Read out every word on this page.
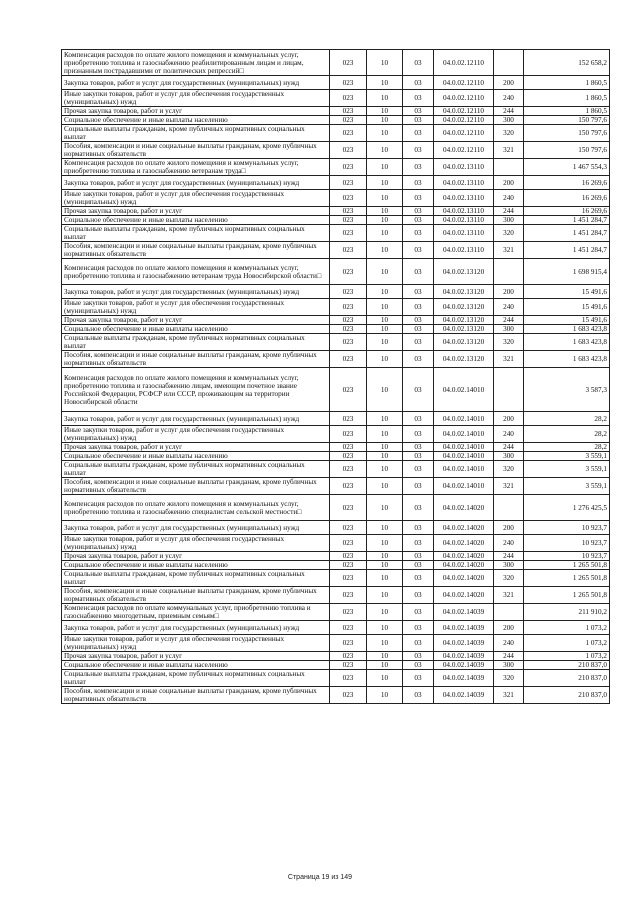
Компенсация расходов по оплате жилого помещения и коммунальных услуг, приобретению топлива и газоснабжению реабилитированным лицам и лицам, признанным пострадавшими от политических репрессий□	023	10	03	04.0.02.12110		152 658,2
Закупка товаров, работ и услуг для государственных (муниципальных) нужд	023	10	03	04.0.02.12110	200	1 860,5
Иные закупки товаров, работ и услуг для обеспечения государственных (муниципальных) нужд	023	10	03	04.0.02.12110	240	1 860,5
Прочая закупка товаров, работ и услуг	023	10	03	04.0.02.12110	244	1 860,5
Социальное обеспечение и иные выплаты населению	023	10	03	04.0.02.12110	300	150 797,6
Социальные выплаты гражданам, кроме публичных нормативных социальных выплат	023	10	03	04.0.02.12110	320	150 797,6
Пособия, компенсации и иные социальные выплаты гражданам, кроме публичных нормативных обязательств	023	10	03	04.0.02.12110	321	150 797,6
Компенсация расходов по оплате жилого помещения и коммунальных услуг, приобретению топлива и газоснабжению ветеранам труда□	023	10	03	04.0.02.13110		1 467 554,3
Закупка товаров, работ и услуг для государственных (муниципальных) нужд	023	10	03	04.0.02.13110	200	16 269,6
Иные закупки товаров, работ и услуг для обеспечения государственных (муниципальных) нужд	023	10	03	04.0.02.13110	240	16 269,6
Прочая закупка товаров, работ и услуг	023	10	03	04.0.02.13110	244	16 269,6
Социальное обеспечение и иные выплаты населению	023	10	03	04.0.02.13110	300	1 451 284,7
Социальные выплаты гражданам, кроме публичных нормативных социальных выплат	023	10	03	04.0.02.13110	320	1 451 284,7
Пособия, компенсации и иные социальные выплаты гражданам, кроме публичных нормативных обязательств	023	10	03	04.0.02.13110	321	1 451 284,7
Компенсация расходов по оплате жилого помещения и коммунальных услуг, приобретению топлива и газоснабжению ветеранам труда Новосибирской области□	023	10	03	04.0.02.13120		1 698 915,4
Закупка товаров, работ и услуг для государственных (муниципальных) нужд	023	10	03	04.0.02.13120	200	15 491,6
Иные закупки товаров, работ и услуг для обеспечения государственных (муниципальных) нужд	023	10	03	04.0.02.13120	240	15 491,6
Прочая закупка товаров, работ и услуг	023	10	03	04.0.02.13120	244	15 491,6
Социальное обеспечение и иные выплаты населению	023	10	03	04.0.02.13120	300	1 683 423,8
Социальные выплаты гражданам, кроме публичных нормативных социальных выплат	023	10	03	04.0.02.13120	320	1 683 423,8
Пособия, компенсации и иные социальные выплаты гражданам, кроме публичных нормативных обязательств	023	10	03	04.0.02.13120	321	1 683 423,8
Компенсация расходов по оплате жилого помещения и коммунальных услуг, приобретению топлива и газоснабжению лицам, имеющим почетное звание Российской Федерации, РСФСР или СССР, проживающим на территории Новосибирской области	023	10	03	04.0.02.14010		3 587,3
Закупка товаров, работ и услуг для государственных (муниципальных) нужд	023	10	03	04.0.02.14010	200	28,2
Иные закупки товаров, работ и услуг для обеспечения государственных (муниципальных) нужд	023	10	03	04.0.02.14010	240	28,2
Прочая закупка товаров, работ и услуг	023	10	03	04.0.02.14010	244	28,2
Социальное обеспечение и иные выплаты населению	023	10	03	04.0.02.14010	300	3 559,1
Социальные выплаты гражданам, кроме публичных нормативных социальных выплат	023	10	03	04.0.02.14010	320	3 559,1
Пособия, компенсации и иные социальные выплаты гражданам, кроме публичных нормативных обязательств	023	10	03	04.0.02.14010	321	3 559,1
Компенсация расходов по оплате жилого помещения и коммунальных услуг, приобретению топлива и газоснабжению специалистам сельской местности□	023	10	03	04.0.02.14020		1 276 425,5
Закупка товаров, работ и услуг для государственных (муниципальных) нужд	023	10	03	04.0.02.14020	200	10 923,7
Иные закупки товаров, работ и услуг для обеспечения государственных (муниципальных) нужд	023	10	03	04.0.02.14020	240	10 923,7
Прочая закупка товаров, работ и услуг	023	10	03	04.0.02.14020	244	10 923,7
Социальное обеспечение и иные выплаты населению	023	10	03	04.0.02.14020	300	1 265 501,8
Социальные выплаты гражданам, кроме публичных нормативных социальных выплат	023	10	03	04.0.02.14020	320	1 265 501,8
Пособия, компенсации и иные социальные выплаты гражданам, кроме публичных нормативных обязательств	023	10	03	04.0.02.14020	321	1 265 501,8
Компенсация расходов по оплате коммунальных услуг, приобретению топлива и газоснабжению многодетным, приемным семьям□	023	10	03	04.0.02.14039		211 910,2
Закупка товаров, работ и услуг для государственных (муниципальных) нужд	023	10	03	04.0.02.14039	200	1 073,2
Иные закупки товаров, работ и услуг для обеспечения государственных (муниципальных) нужд	023	10	03	04.0.02.14039	240	1 073,2
Прочая закупка товаров, работ и услуг	023	10	03	04.0.02.14039	244	1 073,2
Социальное обеспечение и иные выплаты населению	023	10	03	04.0.02.14039	300	210 837,0
Социальные выплаты гражданам, кроме публичных нормативных социальных выплат	023	10	03	04.0.02.14039	320	210 837,0
Пособия, компенсации и иные социальные выплаты гражданам, кроме публичных нормативных обязательств	023	10	03	04.0.02.14039	321	210 837,0
Страница 19 из 149
